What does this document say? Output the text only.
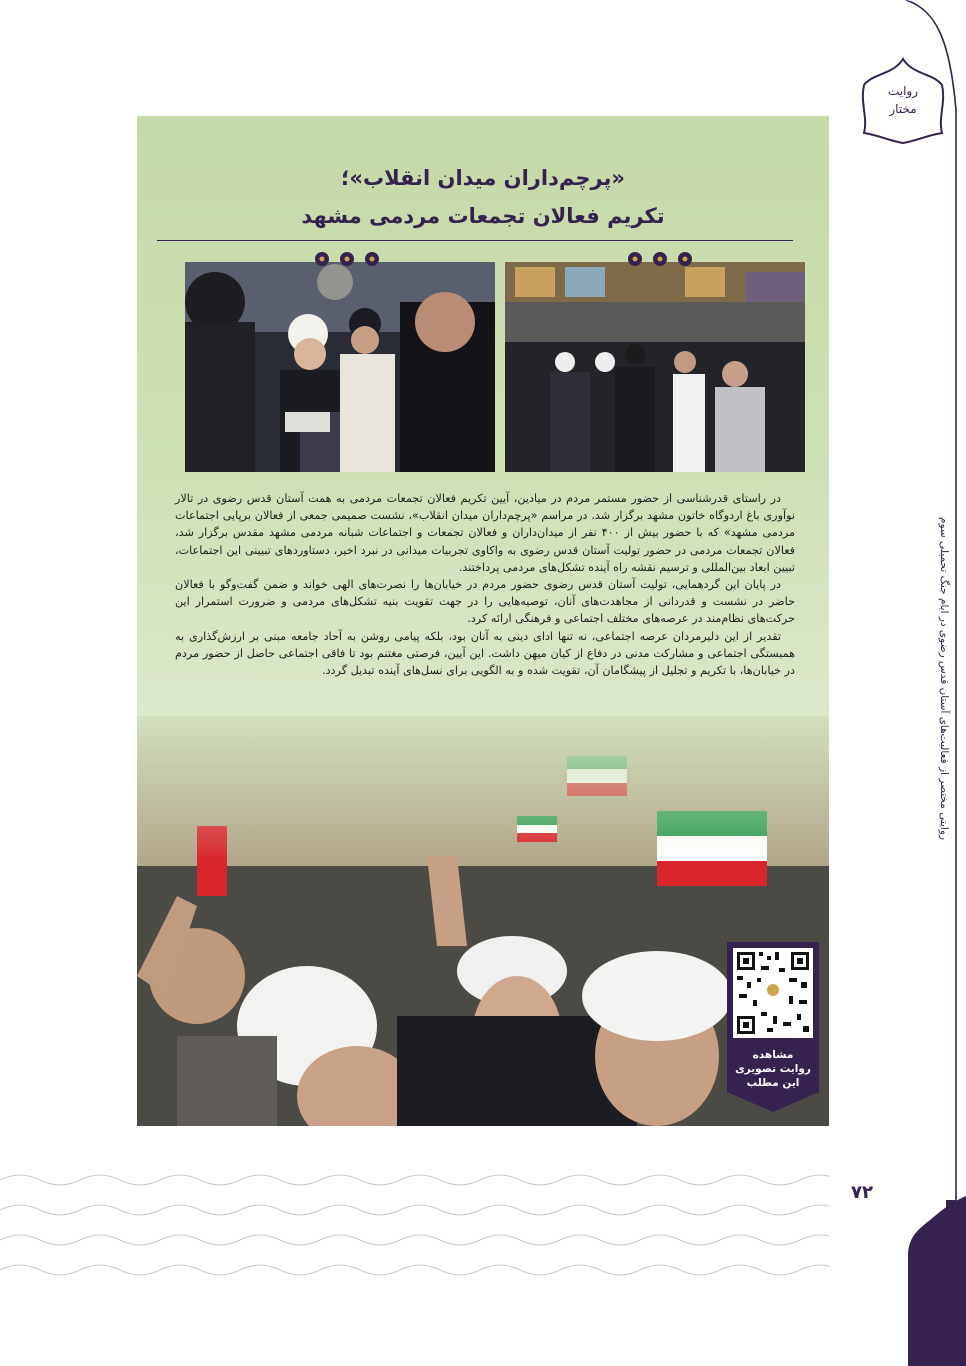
روایت
مختار
روایتی مختصر از فعالیت‌های آستان قدس رضوی در ایام جنگ تحمیلی سوم
«پرچم‌داران میدان انقلاب»؛
تکریم فعالان تجمعات مردمی مشهد

در راستای قدرشناسی از حضور مستمر مردم در میادین، آیین تکریم فعالان تجمعات مردمی به همت آستان قدس رضوی در تالار نوآوری باغ اردوگاه خاتون مشهد برگزار شد. در مراسم «پرچم‌داران میدان انقلاب»، نشست صمیمی جمعی از فعالان برپایی اجتماعات مردمی مشهد» که با حضور بیش از ۴۰۰ نفر از میدان‌داران و فعالان تجمعات و اجتماعات شبانه مردمی مشهد مقدس برگزار شد، فعالان تجمعات مردمی در حضور تولیت آستان قدس رضوی به واکاوی تجربیات میدانی در نبرد اخیر، دستاوردهای تبیینی این اجتماعات، تبیین ابعاد بین‌المللی و ترسیم نقشه راه آینده تشکل‌های مردمی پرداختند.

در پایان این گردهمایی، تولیت آستان قدس رضوی حضور مردم در خیابان‌ها را نصرت‌های الهی خواند و ضمن گفت‌وگو با فعالان حاضر در نشست و قدردانی از مجاهدت‌های آنان، توصیه‌هایی را در جهت تقویت بنیه تشکل‌های مردمی و ضرورت استمرار این حرکت‌های نظام‌مند در عرصه‌های مختلف اجتماعی و فرهنگی ارائه کرد.

تقدیر از این دلیرمردان عرصه اجتماعی، نه تنها ادای دینی به آنان بود، بلکه پیامی روشن به آحاد جامعه مبنی بر ارزش‌گذاری به همبستگی اجتماعی و مشارکت مدنی در دفاع از کیان میهن داشت. این آیین، فرصتی مغتنم بود تا فاقی اجتماعی حاصل از حضور مردم در خیابان‌ها، با تکریم و تجلیل از پیشگامان آن، تقویت شده و به الگویی برای نسل‌های آینده تبدیل گردد.

مشاهده
روایت تصویری
این مطلب
۷۲
